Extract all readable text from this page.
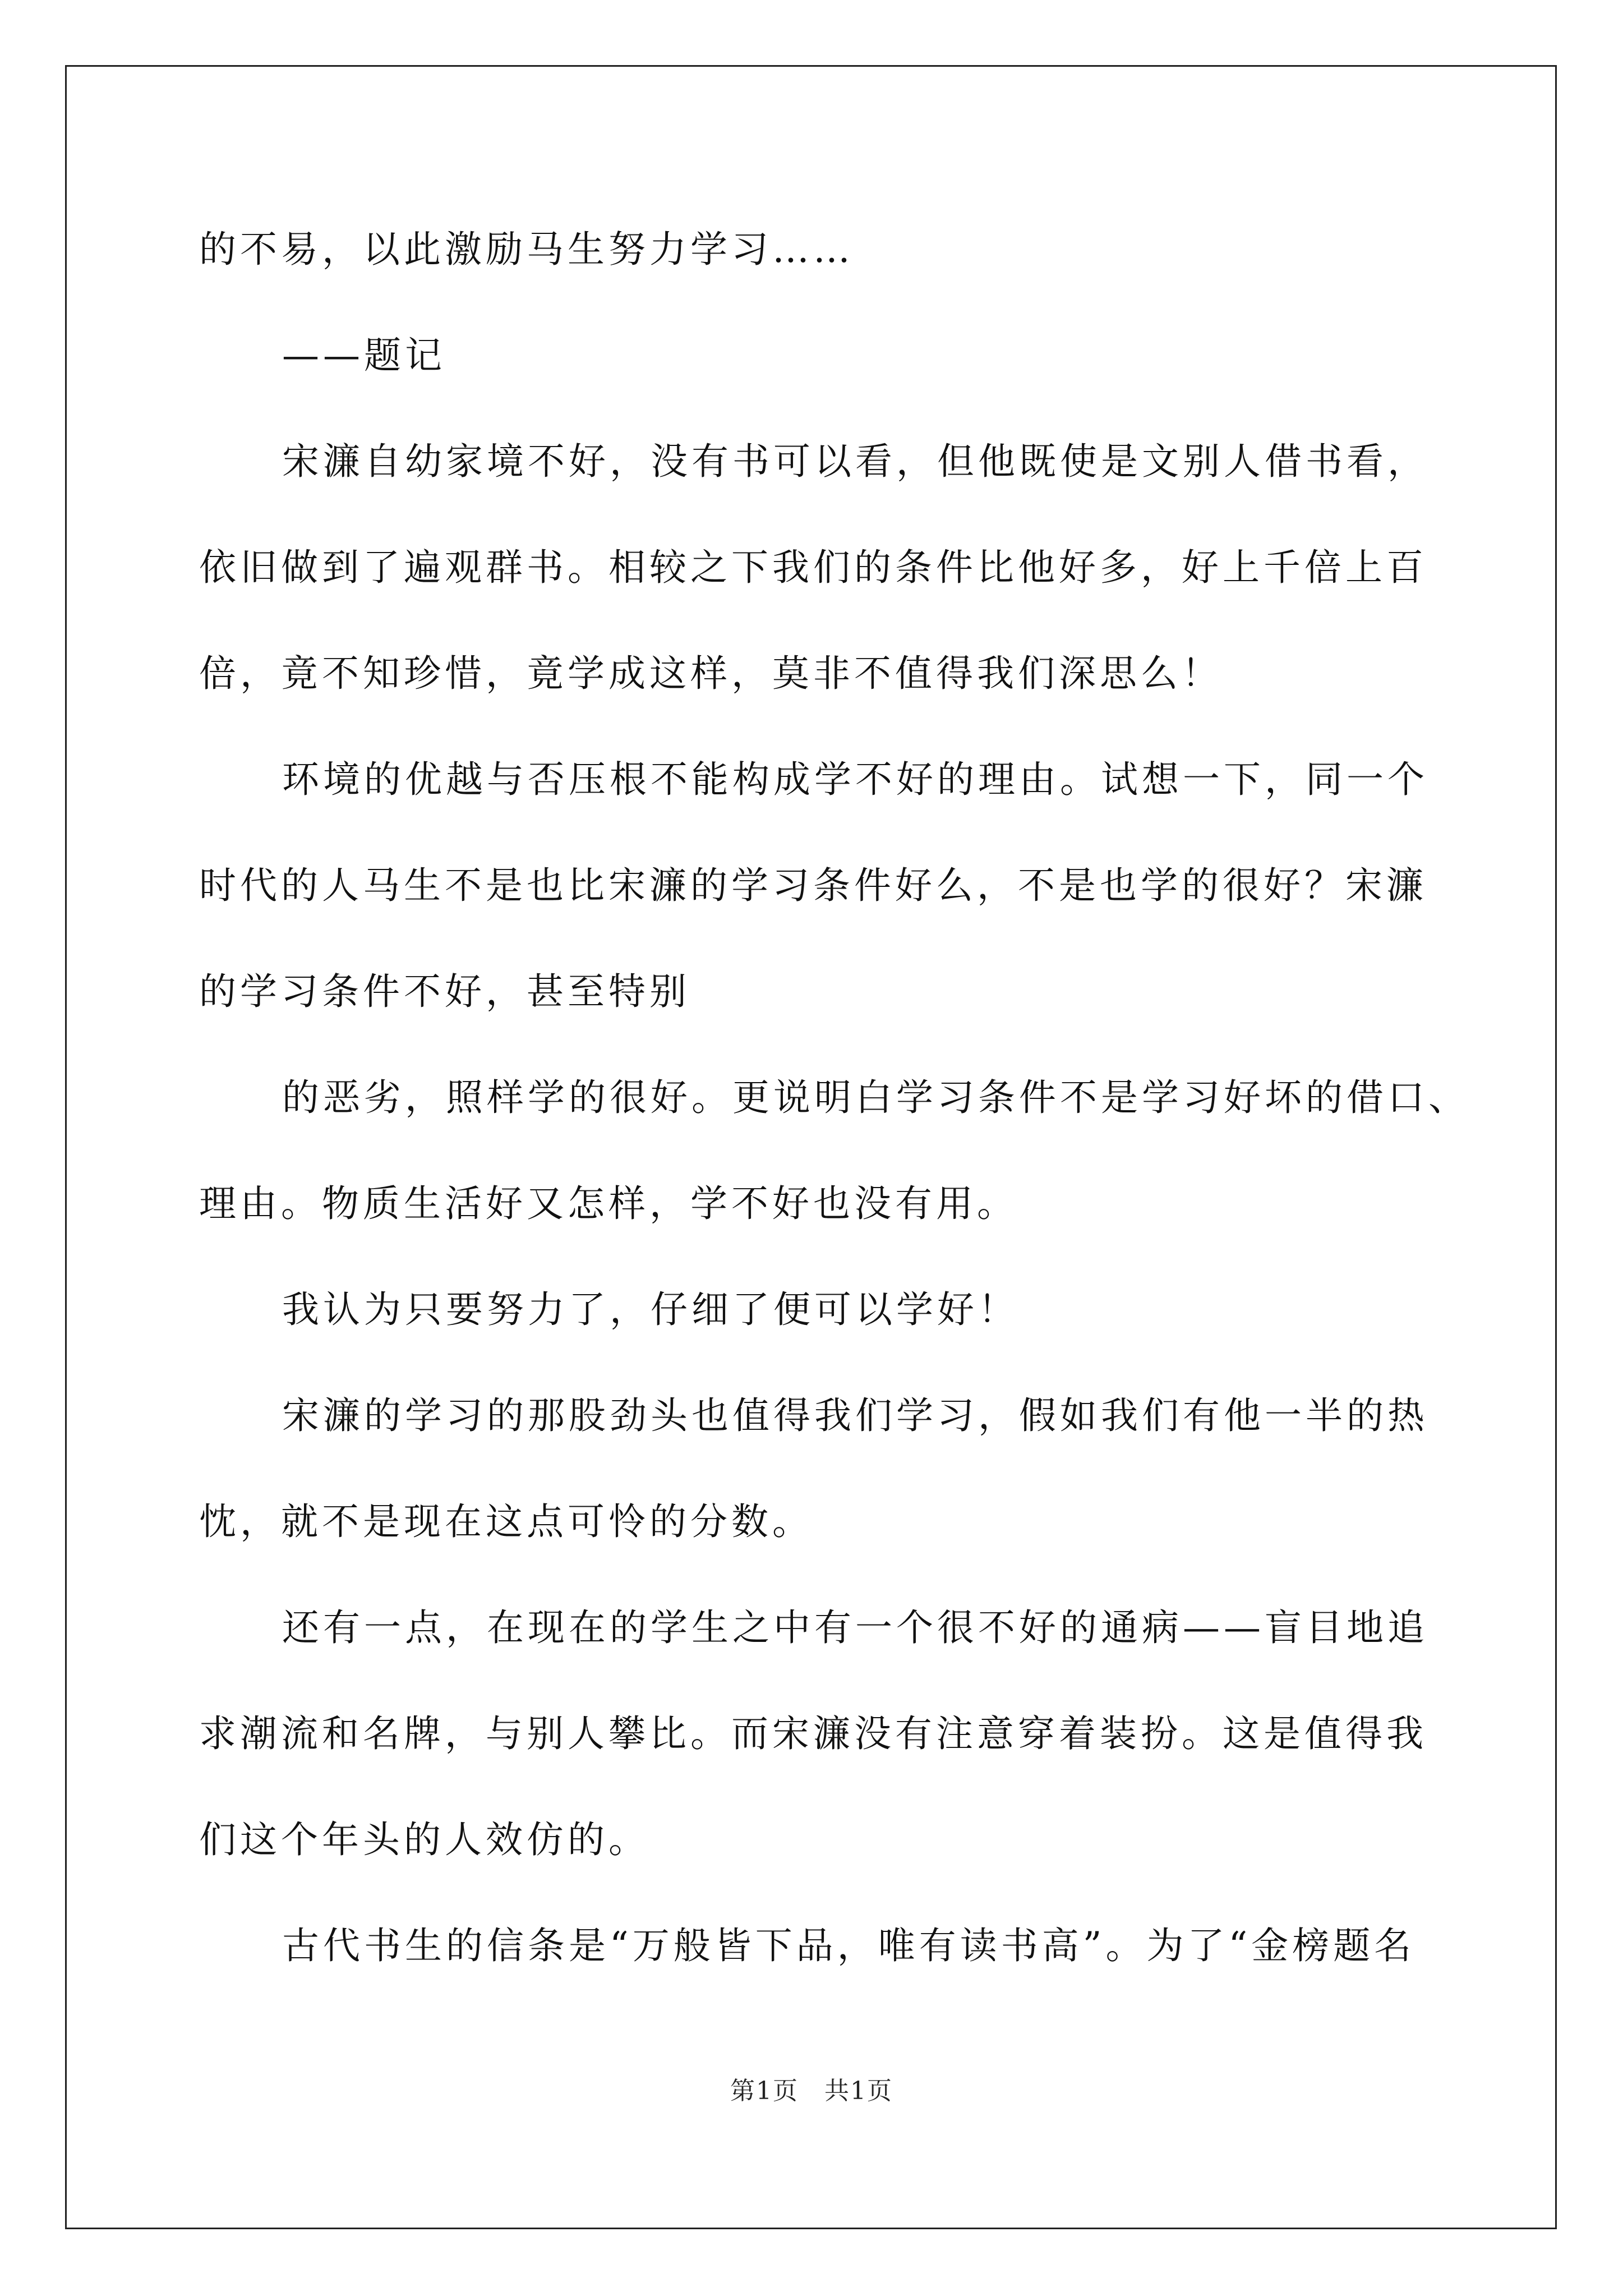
的不易，以此激励马生努力学习……
——题记
宋濂自幼家境不好，没有书可以看，但他既使是文别人借书看，
依旧做到了遍观群书。相较之下我们的条件比他好多，好上千倍上百
倍，竟不知珍惜，竟学成这样，莫非不值得我们深思么！
环境的优越与否压根不能构成学不好的理由。试想一下，同一个
时代的人马生不是也比宋濂的学习条件好么，不是也学的很好？宋濂
的学习条件不好，甚至特别
的恶劣，照样学的很好。更说明白学习条件不是学习好坏的借口、
理由。物质生活好又怎样，学不好也没有用。
我认为只要努力了，仔细了便可以学好！
宋濂的学习的那股劲头也值得我们学习，假如我们有他一半的热
忱，就不是现在这点可怜的分数。
还有一点，在现在的学生之中有一个很不好的通病——盲目地追
求潮流和名牌，与别人攀比。而宋濂没有注意穿着装扮。这是值得我
们这个年头的人效仿的。
古代书生的信条是“万般皆下品，唯有读书高”。为了“金榜题名
第1页　共1页
